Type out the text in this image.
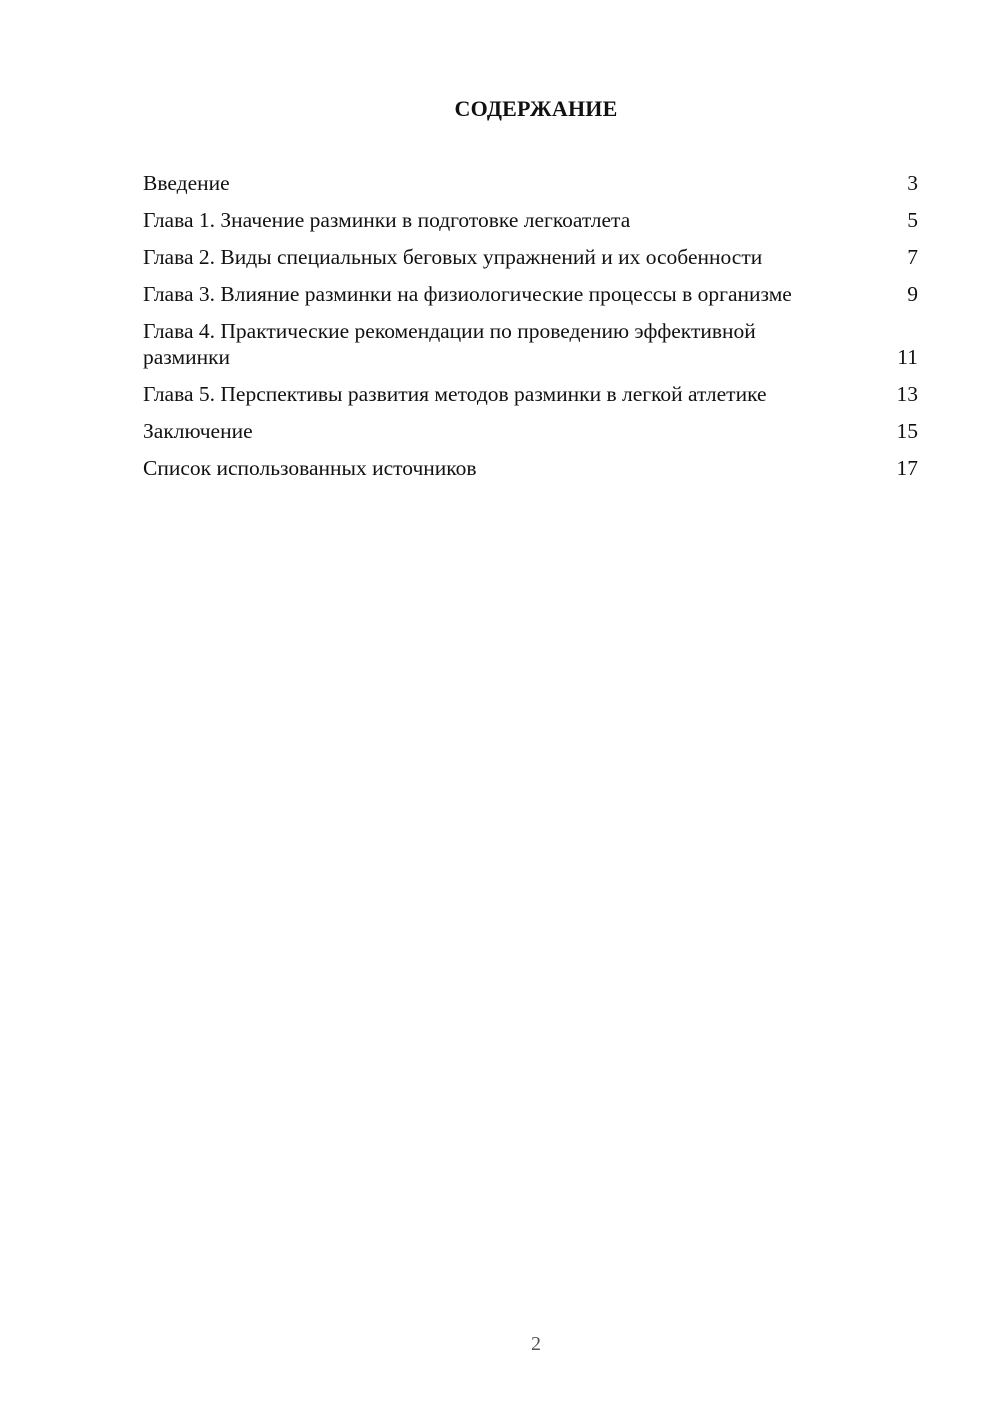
СОДЕРЖАНИЕ
Введение	3
Глава 1. Значение разминки в подготовке легкоатлета	5
Глава 2. Виды специальных беговых упражнений и их особенности	7
Глава 3. Влияние разминки на физиологические процессы в организме	9
Глава 4. Практические рекомендации по проведению эффективной разминки	11
Глава 5. Перспективы развития методов разминки в легкой атлетике	13
Заключение	15
Список использованных источников	17
2
